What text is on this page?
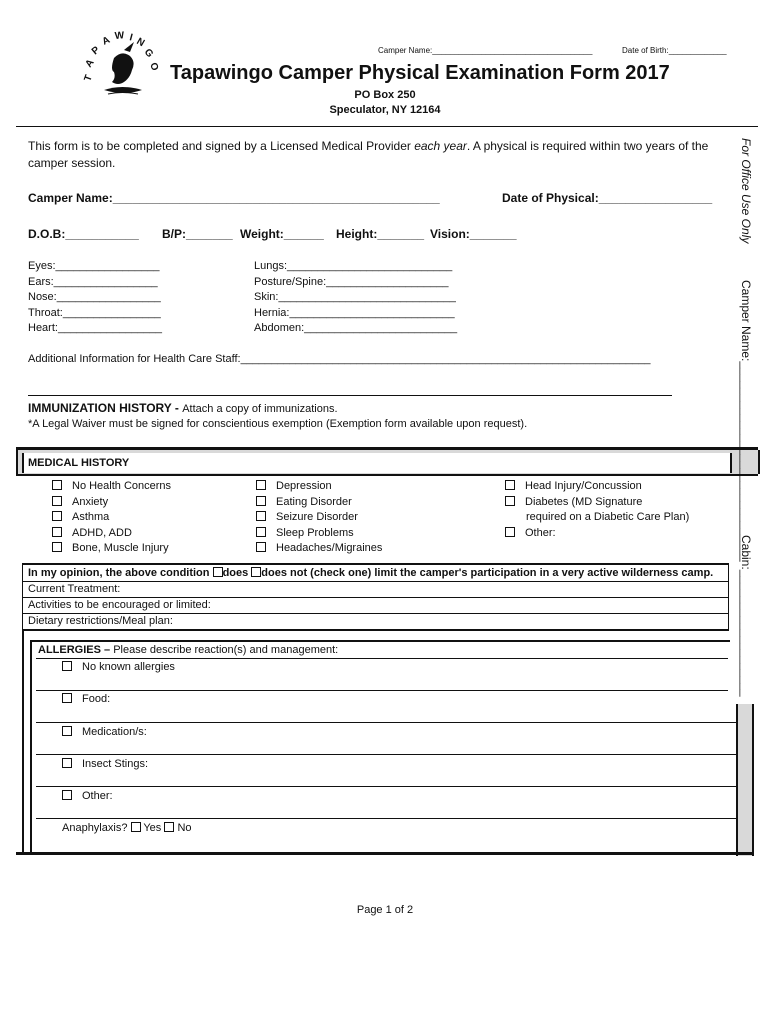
T
A
P
A W I N
G
O
Camper Name:____________________________________	Date of Birth:_____________
Tapawingo Camper Physical Examination Form 2017
PO Box 250
Speculator, NY 12164
This form is to be completed and signed by a Licensed Medical Provider each year. A physical is required within two years of the camper session.
Camper Name:_________________________________________________	Date of Physical:_________________
D.O.B:___________ B/P:_______ Weight:______ Height:_______ Vision:_______
Eyes:_________________
Ears:_________________
Nose:_________________
Throat:________________
Heart:_________________
Lungs:___________________________
Posture/Spine:____________________
Skin:_____________________________
Hernia:___________________________
Abdomen:_________________________
Additional Information for Health Care Staff:___________________________________________________________________
IMMUNIZATION HISTORY - Attach a copy of immunizations.
*A Legal Waiver must be signed for conscientious exemption (Exemption form available upon request).
MEDICAL HISTORY
No Health Concerns
Anxiety
Asthma
ADHD, ADD
Bone, Muscle Injury
Depression
Eating Disorder
Seizure Disorder
Sleep Problems
Headaches/Migraines
Head Injury/Concussion
Diabetes (MD Signature
required on a Diabetic Care Plan)
Other:
In my opinion, the above condition does does not (check one) limit the camper's participation in a very active wilderness camp.
Current Treatment:
Activities to be encouraged or limited:
Dietary restrictions/Meal plan:
ALLERGIES – Please describe reaction(s) and management:
No known allergies
Food:
Medication/s:
Insect Stings:
Other:
Anaphylaxis? Yes No
For Office Use Only
Camper Name:______________________________
Cabin:___________________
Page 1 of 2
